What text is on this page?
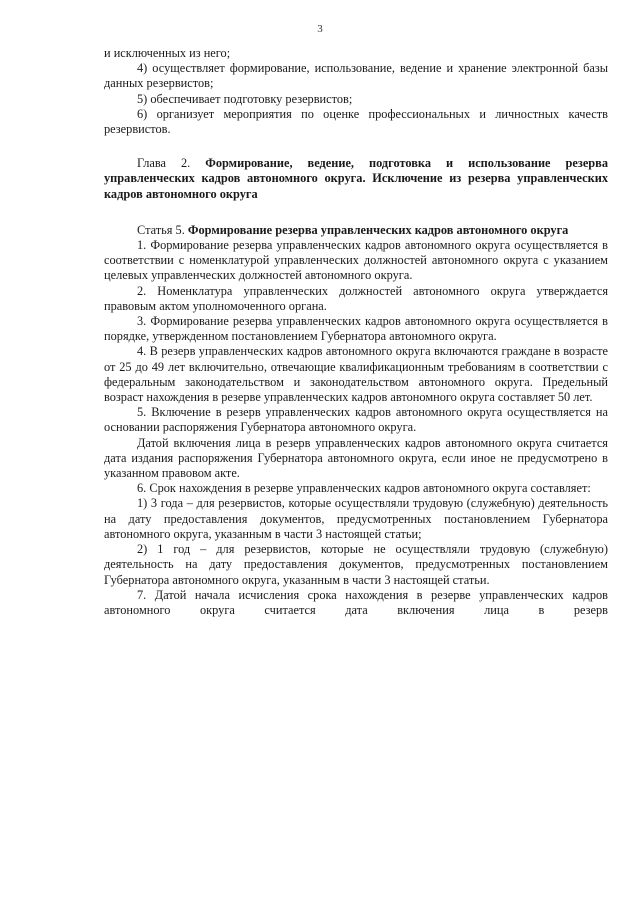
3

и исключенных из него;

4) осуществляет формирование, использование, ведение и хранение электронной базы данных резервистов;

5) обеспечивает подготовку резервистов;

6) организует мероприятия по оценке профессиональных и личностных качеств резервистов.

Глава 2. Формирование, ведение, подготовка и использование резерва управленческих кадров автономного округа. Исключение из резерва управленческих кадров автономного округа

Статья 5. Формирование резерва управленческих кадров автономного округа

1. Формирование резерва управленческих кадров автономного округа осуществляется в соответствии с номенклатурой управленческих должностей автономного округа с указанием целевых управленческих должностей автономного округа.

2. Номенклатура управленческих должностей автономного округа утверждается правовым актом уполномоченного органа.

3. Формирование резерва управленческих кадров автономного округа осуществляется в порядке, утвержденном постановлением Губернатора автономного округа.

4. В резерв управленческих кадров автономного округа включаются граждане в возрасте от 25 до 49 лет включительно, отвечающие квалификационным требованиям в соответствии с федеральным законодательством и законодательством автономного округа. Предельный возраст нахождения в резерве управленческих кадров автономного округа составляет 50 лет.

5. Включение в резерв управленческих кадров автономного округа осуществляется на основании распоряжения Губернатора автономного округа.

Датой включения лица в резерв управленческих кадров автономного округа считается дата издания распоряжения Губернатора автономного округа, если иное не предусмотрено в указанном правовом акте.

6. Срок нахождения в резерве управленческих кадров автономного округа составляет:

1) 3 года – для резервистов, которые осуществляли трудовую (служебную) деятельность на дату предоставления документов, предусмотренных постановлением Губернатора автономного округа, указанным в части 3 настоящей статьи;

2) 1 год – для резервистов, которые не осуществляли трудовую (служебную) деятельность на дату предоставления документов, предусмотренных постановлением Губернатора автономного округа, указанным в части 3 настоящей статьи.

7. Датой начала исчисления срока нахождения в резерве управленческих кадров автономного округа считается дата включения лица в резерв
